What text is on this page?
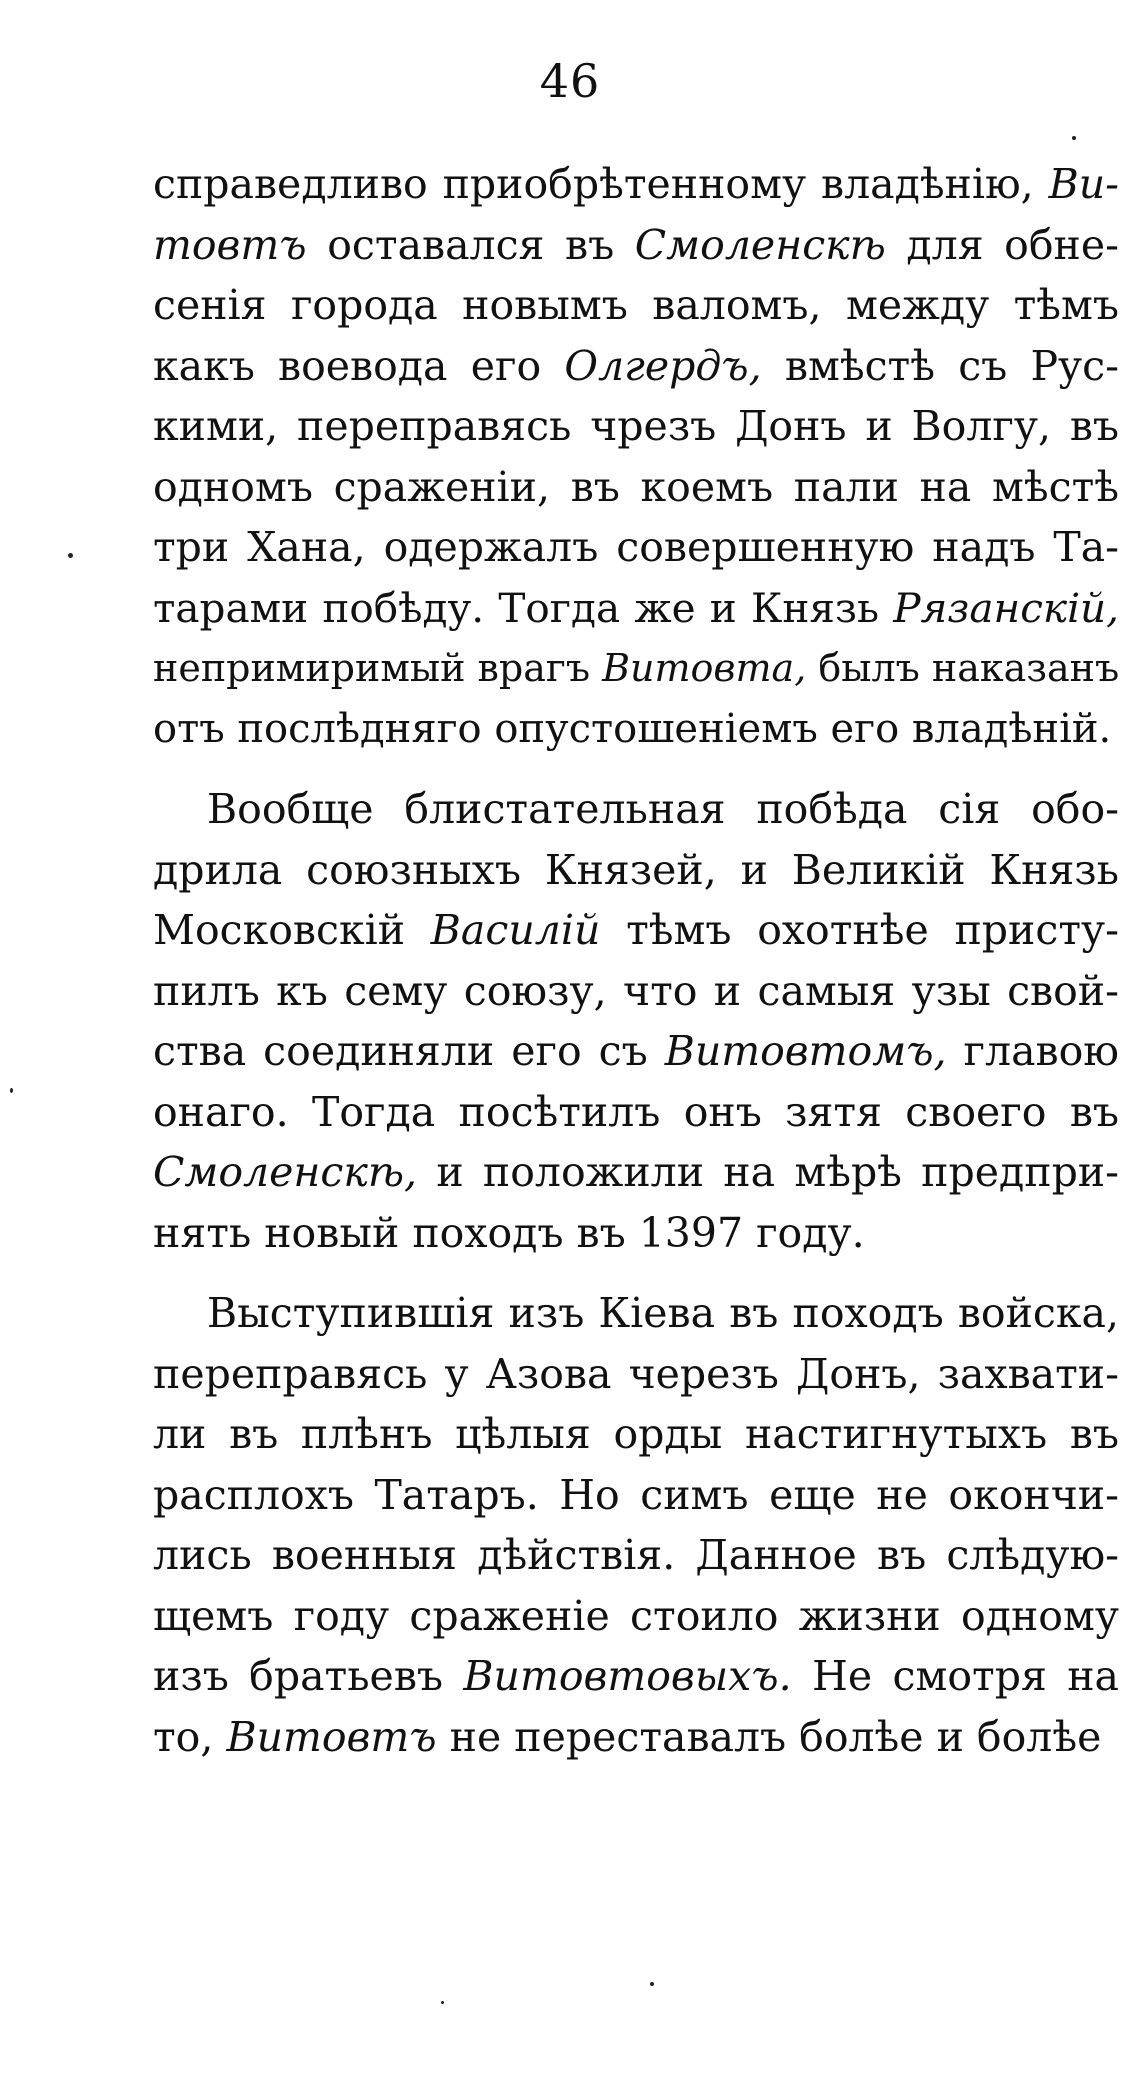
46
справедливо приобрѣтенному владѣнію, Ви-
товтъ оставался въ Смоленскѣ для обне-
сенія города новымъ валомъ, между тѣмъ
какъ воевода его Олгердъ, вмѣстѣ съ Рус-
кими, переправясь чрезъ Донъ и Волгу, въ
одномъ сраженіи, въ коемъ пали на мѣстѣ
три Хана, одержалъ совершенную надъ Та-
тарами побѣду. Тогда же и Князь Рязанскій,
непримиримый врагъ Витовта, былъ наказанъ
отъ послѣдняго опустошеніемъ его владѣній.
Вообще блистательная побѣда сія обо-
дрила союзныхъ Князей, и Великій Князь
Московскій Василій тѣмъ охотнѣе присту-
пилъ къ сему союзу, что и самыя узы свой-
ства соединяли его съ Витовтомъ, главою
онаго. Тогда посѣтилъ онъ зятя своего въ
Смоленскѣ, и положили на мѣрѣ предпри-
нять новый походъ въ 1397 году.
Выступившія изъ Кіева въ походъ войска,
переправясь у Азова черезъ Донъ, захвати-
ли въ плѣнъ цѣлыя орды настигнутыхъ въ
расплохъ Татаръ. Но симъ еще не окончи-
лись военныя дѣйствія. Данное въ слѣдую-
щемъ году сраженіе стоило жизни одному
изъ братьевъ Витовтовыхъ. Не смотря на
то, Витовтъ не переставалъ болѣе и болѣе
